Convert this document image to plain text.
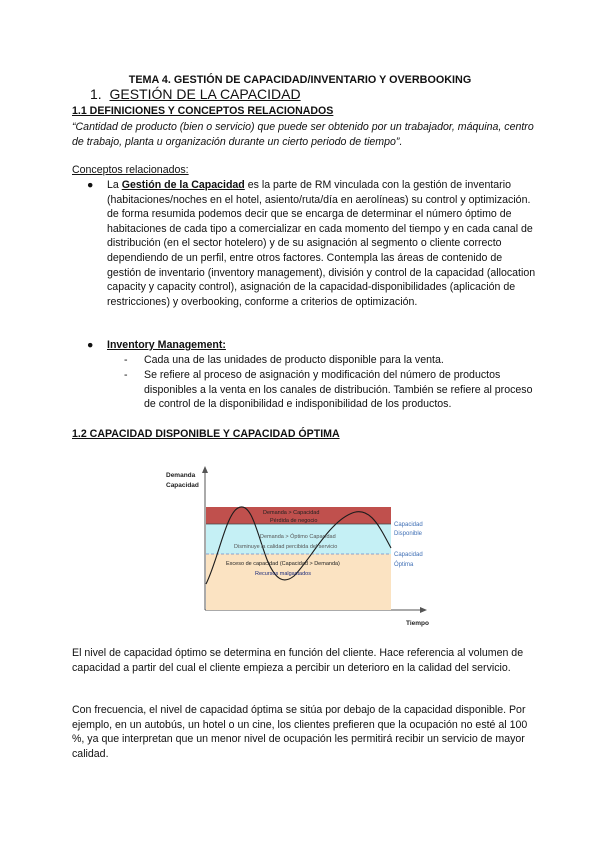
TEMA 4. GESTIÓN DE CAPACIDAD/INVENTARIO Y OVERBOOKING
1. GESTIÓN DE LA CAPACIDAD
1.1 DEFINICIONES Y CONCEPTOS RELACIONADOS
“Cantidad de producto (bien o servicio) que puede ser obtenido por un trabajador, máquina, centro de trabajo, planta u organización durante un cierto periodo de tiempo”.
Conceptos relacionados:
● La Gestión de la Capacidad es la parte de RM vinculada con la gestión de inventario (habitaciones/noches en el hotel, asiento/ruta/día en aerolíneas) su control y optimización. de forma resumida podemos decir que se encarga de determinar el número óptimo de habitaciones de cada tipo a comercializar en cada momento del tiempo y en cada canal de distribución (en el sector hotelero) y de su asignación al segmento o cliente correcto dependiendo de un perfil, entre otros factores. Contempla las áreas de contenido de gestión de inventario (inventory management), división y control de la capacidad (allocation capacity y capacity control), asignación de la capacidad-disponibilidades (aplicación de restricciones) y overbooking, conforme a criterios de optimización.
● Inventory Management:
- Cada una de las unidades de producto disponible para la venta.
- Se refiere al proceso de asignación y modificación del número de productos disponibles a la venta en los canales de distribución. También se refiere al proceso de control de la disponibilidad e indisponibilidad de los productos.
1.2 CAPACIDAD DISPONIBLE Y CAPACIDAD ÓPTIMA
Demanda
Capacidad
Tiempo
Demanda > Capacidad
Pérdida de negocio
Demanda > Óptimo Capacidad
Disminuye la calidad percibida del servicio
Exceso de capacidad (Capacidad > Demanda)
Recursos malgastados
Capacidad
Disponible
Capacidad
Óptima
El nivel de capacidad óptimo se determina en función del cliente. Hace referencia al volumen de capacidad a partir del cual el cliente empieza a percibir un deterioro en la calidad del servicio.
Con frecuencia, el nivel de capacidad óptima se sitúa por debajo de la capacidad disponible. Por ejemplo, en un autobús, un hotel o un cine, los clientes prefieren que la ocupación no esté al 100 %, ya que interpretan que un menor nivel de ocupación les permitirá recibir un servicio de mayor calidad.
